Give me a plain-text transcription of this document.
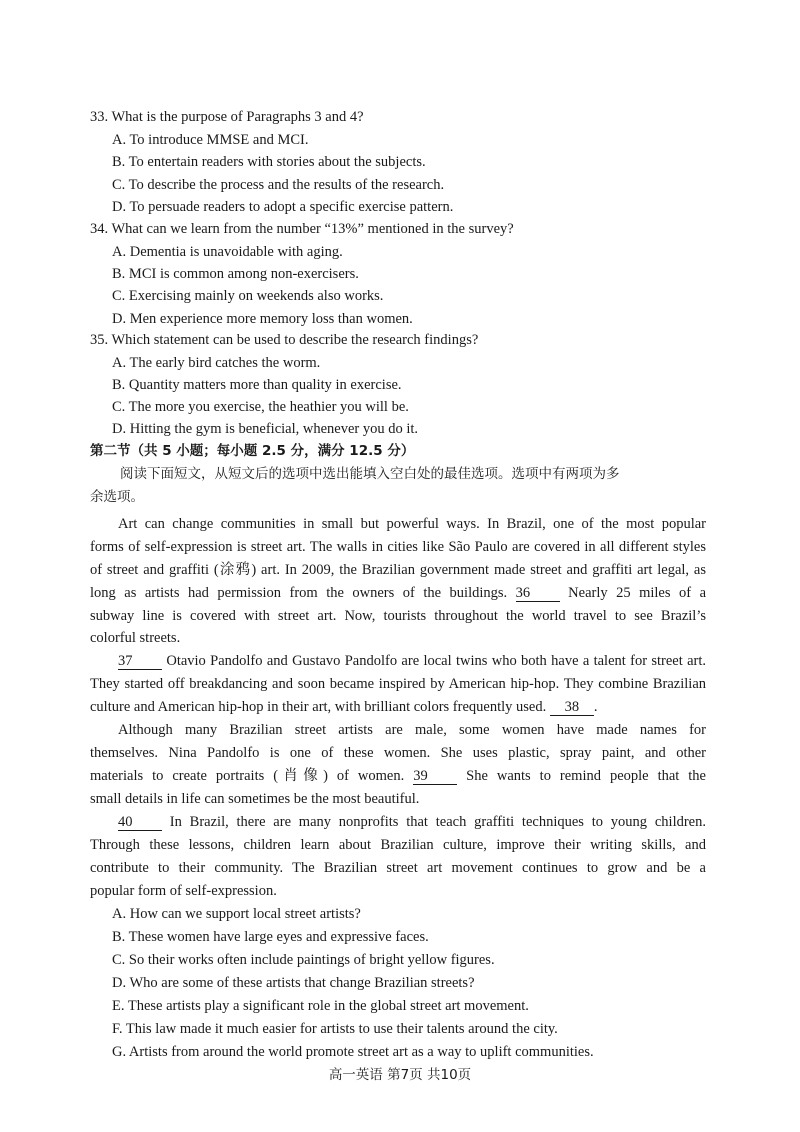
33. What is the purpose of Paragraphs 3 and 4?
A. To introduce MMSE and MCI.
B. To entertain readers with stories about the subjects.
C. To describe the process and the results of the research.
D. To persuade readers to adopt a specific exercise pattern.
34. What can we learn from the number “13%” mentioned in the survey?
A. Dementia is unavoidable with aging.
B. MCI is common among non-exercisers.
C. Exercising mainly on weekends also works.
D. Men experience more memory loss than women.
35. Which statement can be used to describe the research findings?
A. The early bird catches the worm.
B. Quantity matters more than quality in exercise.
C. The more you exercise, the heathier you will be.
D. Hitting the gym is beneficial, whenever you do it.
第二节（共 5 小题；每小题 2.5 分，满分 12.5 分）
阅读下面短文，从短文后的选项中选出能填入空白处的最佳选项。选项中有两项为多
余选项。
Art can change communities in small but powerful ways. In Brazil, one of the most popular
forms of self-expression is street art. The walls in cities like São Paulo are covered in all different styles
of street and graffiti (涂鸦) art. In 2009, the Brazilian government made street and graffiti art legal, as
long as artists had permission from the owners of the buildings. 36	Nearly 25 miles of a
subway line is covered with street art. Now, tourists throughout the world travel to see Brazil’s
colorful streets.
37 Otavio Pandolfo and Gustavo Pandolfo are local twins who both have a talent for street art.
They started off breakdancing and soon became inspired by American hip-hop. They combine Brazilian
culture and American hip-hop in their art, with brilliant colors frequently used. 38 .
Although many Brazilian street artists are male, some women have made names for
themselves. Nina Pandolfo is one of these women. She uses plastic, spray paint, and other
materials to create portraits (肖像) of women. 39	She wants to remind people that the
small details in life can sometimes be the most beautiful.
40	In Brazil, there are many nonprofits that teach graffiti techniques to young children.
Through these lessons, children learn about Brazilian culture, improve their writing skills, and
contribute to their community. The Brazilian street art movement continues to grow and be a
popular form of self-expression.
A. How can we support local street artists?
B. These women have large eyes and expressive faces.
C. So their works often include paintings of bright yellow figures.
D. Who are some of these artists that change Brazilian streets?
E. These artists play a significant role in the global street art movement.
F. This law made it much easier for artists to use their talents around the city.
G. Artists from around the world promote street art as a way to uplift communities.
高一英语 第7页 共10页
